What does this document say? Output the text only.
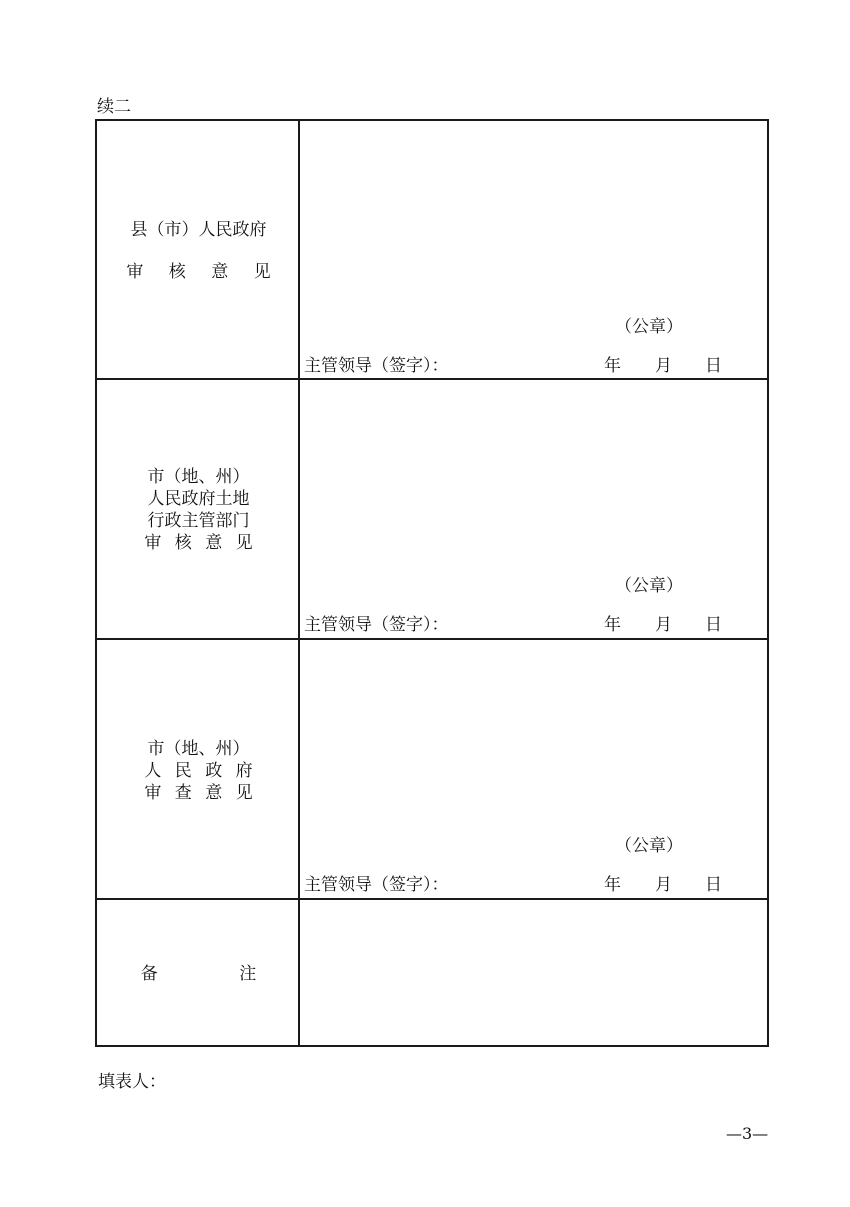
续二
县（市）人民政府
审 核 意 见
（公章）
主管领导（签字）：	年 月 日
市（地、州）
人民政府土地
行政主管部门
审 核 意 见
（公章）
主管领导（签字）：	年 月 日
市（地、州）
人 民 政 府
审 查 意 见
（公章）
主管领导（签字）：	年 月 日
备 注
填表人：
—3—
